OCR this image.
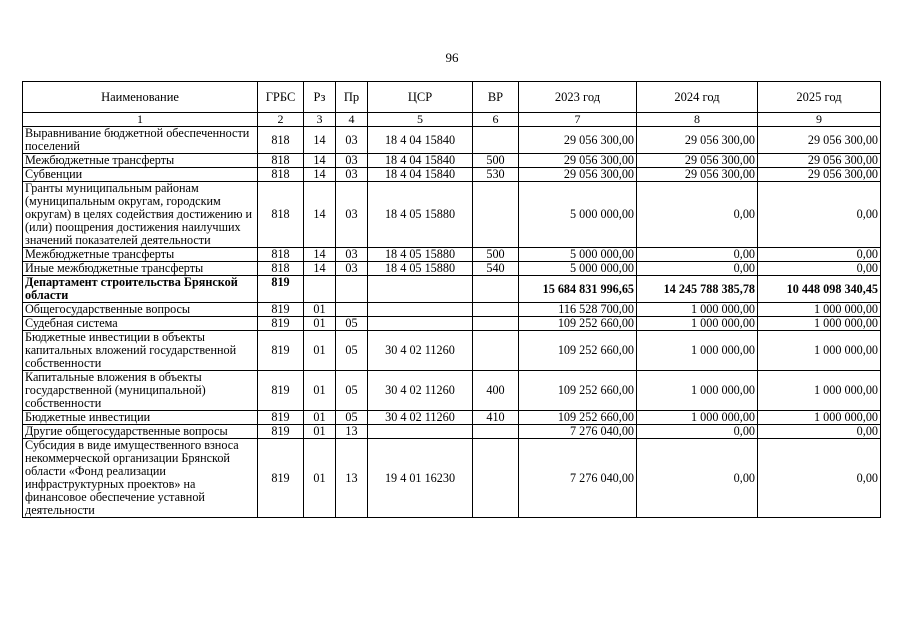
96
Наименование	ГРБС	Рз	Пр	ЦСР	ВР	2023 год	2024 год	2025 год
1	2	3	4	5	6	7	8	9
Выравнивание бюджетной обеспеченности поселений	818	14	03	18 4 04 15840		29 056 300,00	29 056 300,00	29 056 300,00
Межбюджетные трансферты	818	14	03	18 4 04 15840	500	29 056 300,00	29 056 300,00	29 056 300,00
Субвенции	818	14	03	18 4 04 15840	530	29 056 300,00	29 056 300,00	29 056 300,00
Гранты муниципальным районам (муниципальным округам, городским округам) в целях содействия достижению и (или) поощрения достижения наилучших значений показателей деятельности	818	14	03	18 4 05 15880		5 000 000,00	0,00	0,00
Межбюджетные трансферты	818	14	03	18 4 05 15880	500	5 000 000,00	0,00	0,00
Иные межбюджетные трансферты	818	14	03	18 4 05 15880	540	5 000 000,00	0,00	0,00
Департамент строительства Брянской области	819					15 684 831 996,65	14 245 788 385,78	10 448 098 340,45
Общегосударственные вопросы	819	01				116 528 700,00	1 000 000,00	1 000 000,00
Судебная система	819	01	05			109 252 660,00	1 000 000,00	1 000 000,00
Бюджетные инвестиции в объекты капитальных вложений государственной собственности	819	01	05	30 4 02 11260		109 252 660,00	1 000 000,00	1 000 000,00
Капитальные вложения в объекты государственной (муниципальной) собственности	819	01	05	30 4 02 11260	400	109 252 660,00	1 000 000,00	1 000 000,00
Бюджетные инвестиции	819	01	05	30 4 02 11260	410	109 252 660,00	1 000 000,00	1 000 000,00
Другие общегосударственные вопросы	819	01	13			7 276 040,00	0,00	0,00
Субсидия в виде имущественного взноса некоммерческой организации Брянской области «Фонд реализации инфраструктурных проектов» на финансовое обеспечение уставной деятельности	819	01	13	19 4 01 16230		7 276 040,00	0,00	0,00
